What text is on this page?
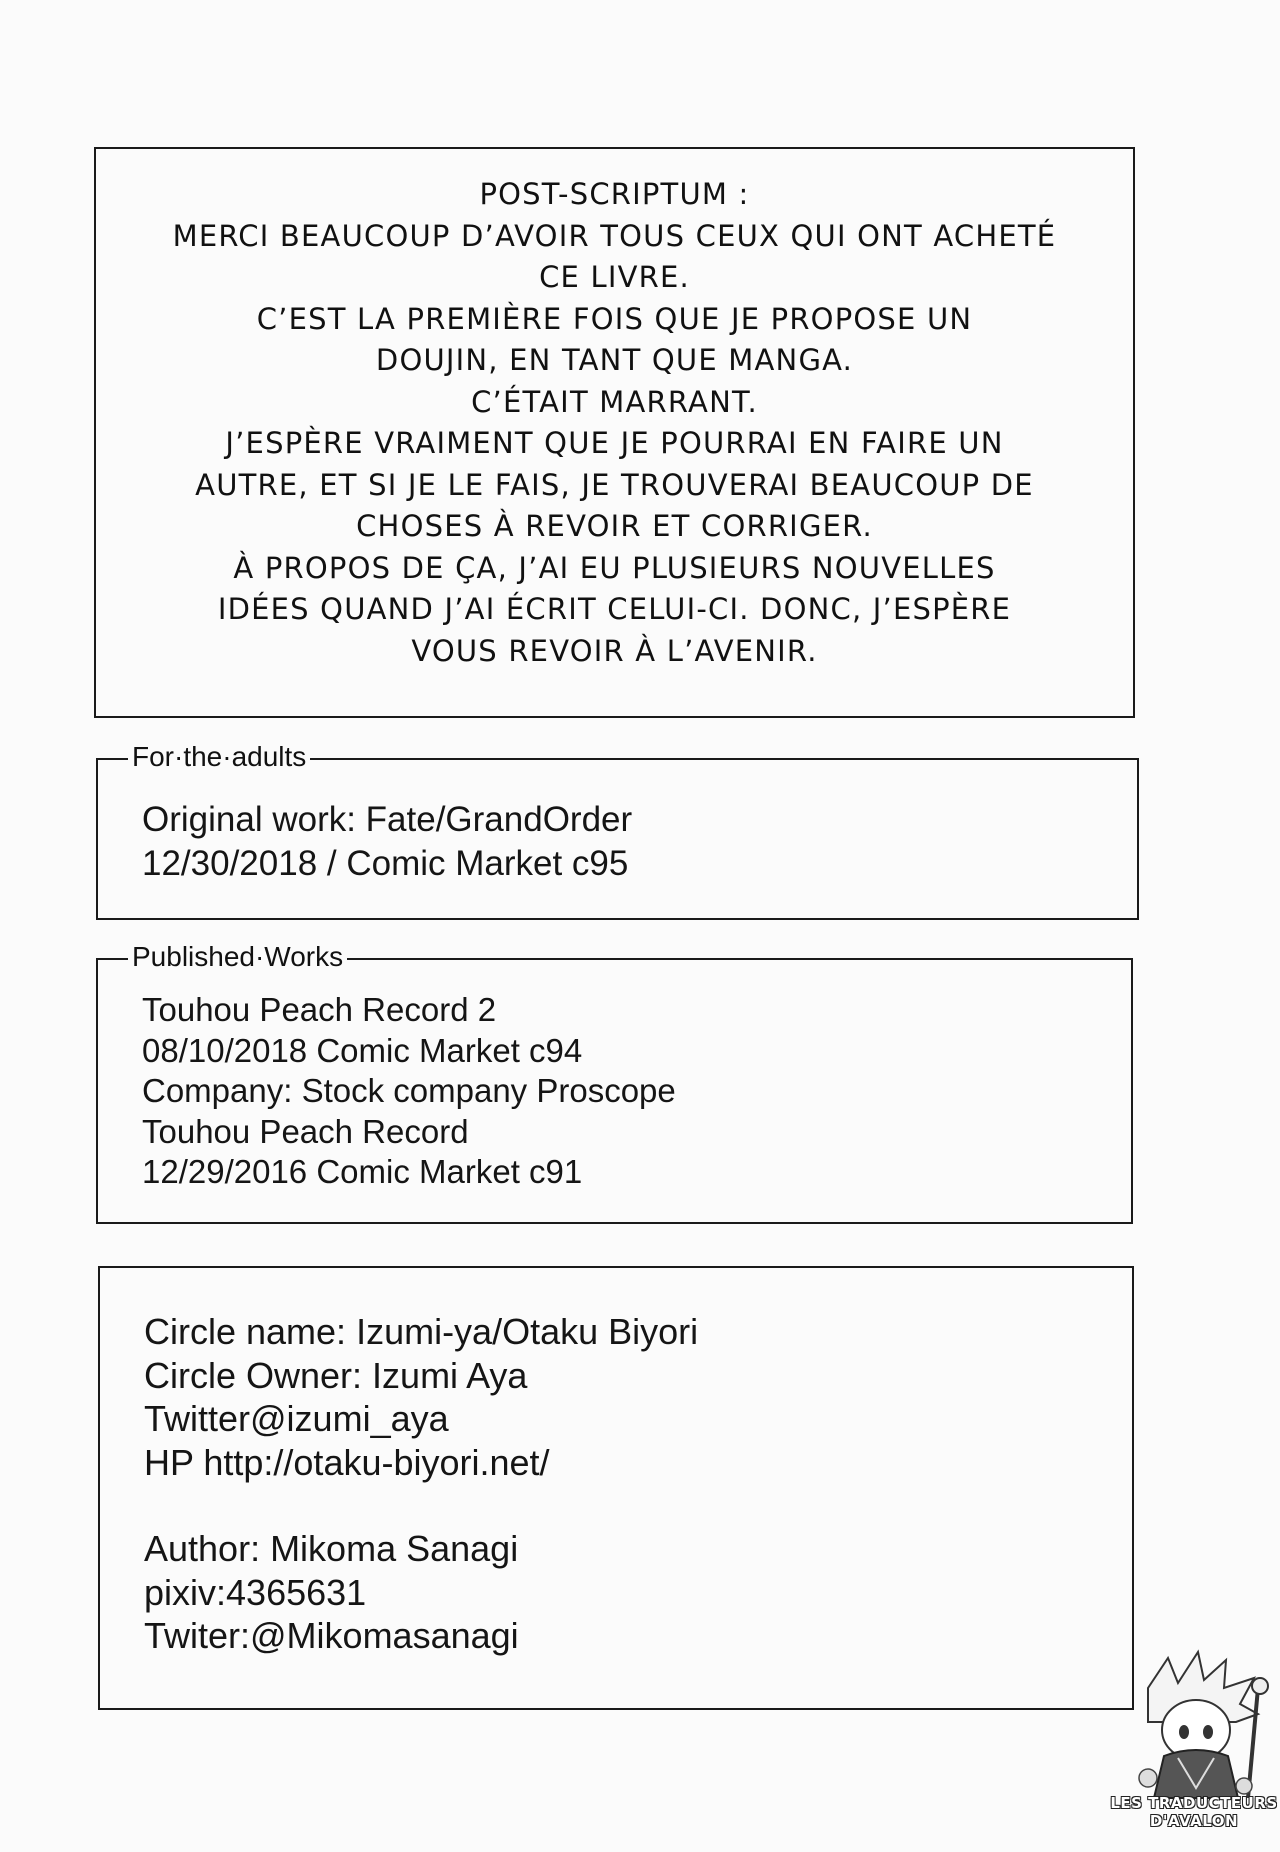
POST-SCRIPTUM :
MERCI BEAUCOUP D’AVOIR TOUS CEUX QUI ONT ACHETÉ
CE LIVRE.
C’EST LA PREMIÈRE FOIS QUE JE PROPOSE UN
DOUJIN, EN TANT QUE MANGA.
C’ÉTAIT MARRANT.
J’ESPÈRE VRAIMENT QUE JE POURRAI EN FAIRE UN
AUTRE, ET SI JE LE FAIS, JE TROUVERAI BEAUCOUP DE
CHOSES À REVOIR ET CORRIGER.
À PROPOS DE ÇA, J’AI EU PLUSIEURS NOUVELLES
IDÉES QUAND J’AI ÉCRIT CELUI-CI. DONC, J’ESPÈRE
VOUS REVOIR À L’AVENIR.
For·the·adults
Original work: Fate/GrandOrder
12/30/2018 / Comic Market c95
Published·Works
Touhou Peach Record 2
08/10/2018 Comic Market c94
Company: Stock company Proscope
Touhou Peach Record
12/29/2016 Comic Market c91
Circle name: Izumi-ya/Otaku Biyori
Circle Owner: Izumi Aya
Twitter@izumi_aya
HP http://otaku-biyori.net/
Author: Mikoma Sanagi
pixiv:4365631
Twiter:@Mikomasanagi
LES TRADUCTEURS
D'AVALON
